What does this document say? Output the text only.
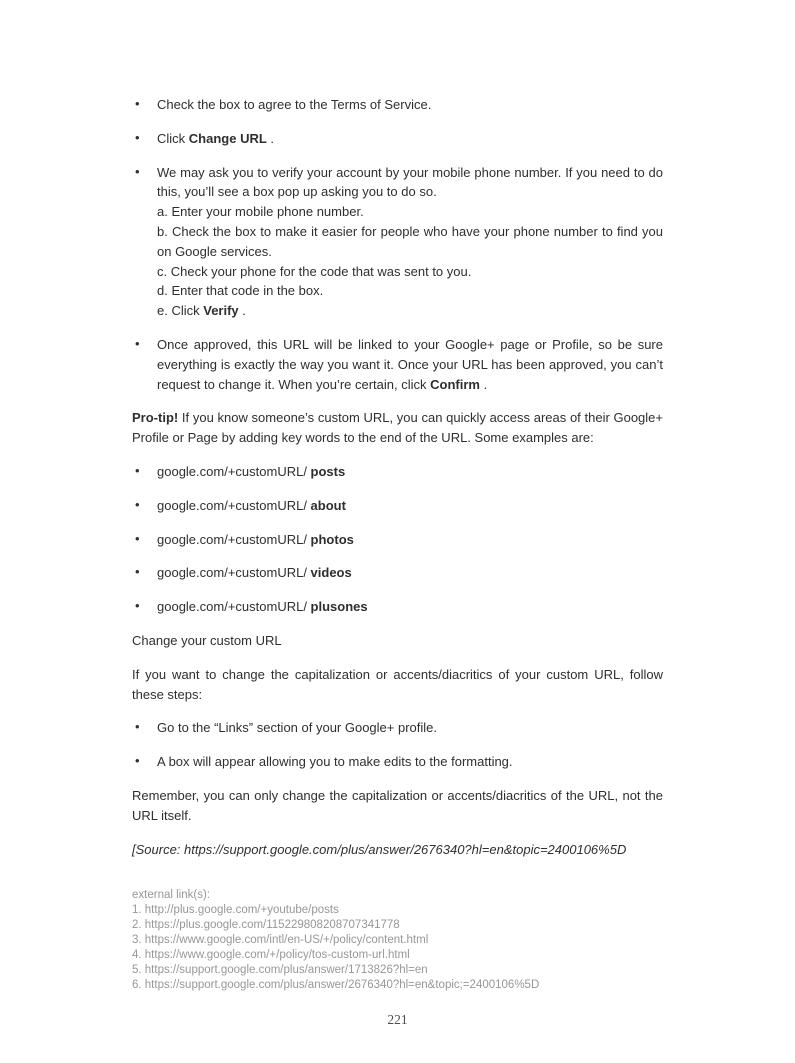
• Check the box to agree to the Terms of Service.
• Click Change URL .
• We may ask you to verify your account by your mobile phone number. If you need to do this, you’ll see a box pop up asking you to do so.
a. Enter your mobile phone number.
b. Check the box to make it easier for people who have your phone number to find you on Google services.
c. Check your phone for the code that was sent to you.
d. Enter that code in the box.
e. Click Verify .
• Once approved, this URL will be linked to your Google+ page or Profile, so be sure everything is exactly the way you want it. Once your URL has been approved, you can’t request to change it. When you’re certain, click Confirm .

Pro-tip! If you know someone’s custom URL, you can quickly access areas of their Google+ Profile or Page by adding key words to the end of the URL. Some examples are:

• google.com/+customURL/ posts
• google.com/+customURL/ about
• google.com/+customURL/ photos
• google.com/+customURL/ videos
• google.com/+customURL/ plusones

Change your custom URL

If you want to change the capitalization or accents/diacritics of your custom URL, follow these steps:

• Go to the “Links” section of your Google+ profile.
• A box will appear allowing you to make edits to the formatting.

Remember, you can only change the capitalization or accents/diacritics of the URL, not the URL itself.

[Source: https://support.google.com/plus/answer/2676340?hl=en&topic=2400106%5D

external link(s):
1. http://plus.google.com/+youtube/posts
2. https://plus.google.com/115229808208707341778
3. https://www.google.com/intl/en-US/+/policy/content.html
4. https://www.google.com/+/policy/tos-custom-url.html
5. https://support.google.com/plus/answer/1713826?hl=en
6. https://support.google.com/plus/answer/2676340?hl=en&topic;=2400106%5D
221
